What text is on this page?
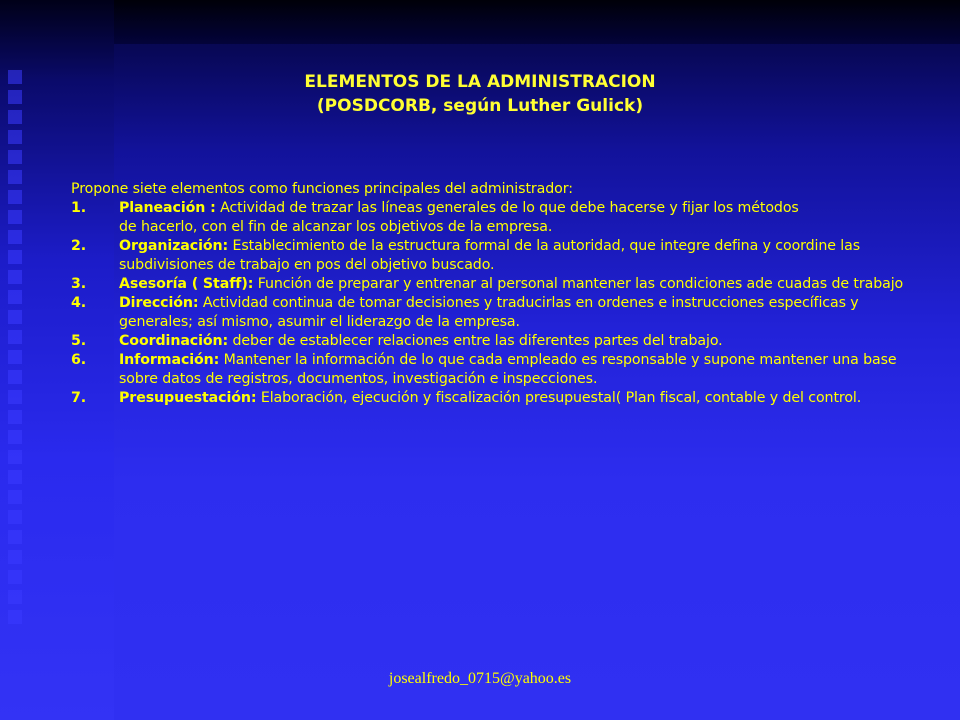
ELEMENTOS DE LA ADMINISTRACION
(POSDCORB, según Luther Gulick)

Propone siete elementos como funciones principales del administrador:

1.	Planeación : Actividad de trazar las líneas generales de lo que debe hacerse y fijar los métodos
de hacerlo, con el fin de alcanzar los objetivos de la empresa.
2.	Organización: Establecimiento de la estructura formal de la autoridad, que integre defina y coordine las subdivisiones de trabajo en pos del objetivo buscado.
3.	Asesoría ( Staff): Función de preparar y entrenar al personal mantener las condiciones ade cuadas de trabajo
4.	Dirección: Actividad continua de tomar decisiones y traducirlas en ordenes e instrucciones específicas y generales; así mismo, asumir el liderazgo de la empresa.
5.	Coordinación: deber de establecer relaciones entre las diferentes partes del trabajo.
6.	Información: Mantener la información de lo que cada empleado es responsable y supone mantener una base sobre datos de registros, documentos, investigación e inspecciones.
7.	Presupuestación: Elaboración, ejecución y fiscalización presupuestal( Plan fiscal, contable y del control.
josealfredo_0715@yahoo.es
